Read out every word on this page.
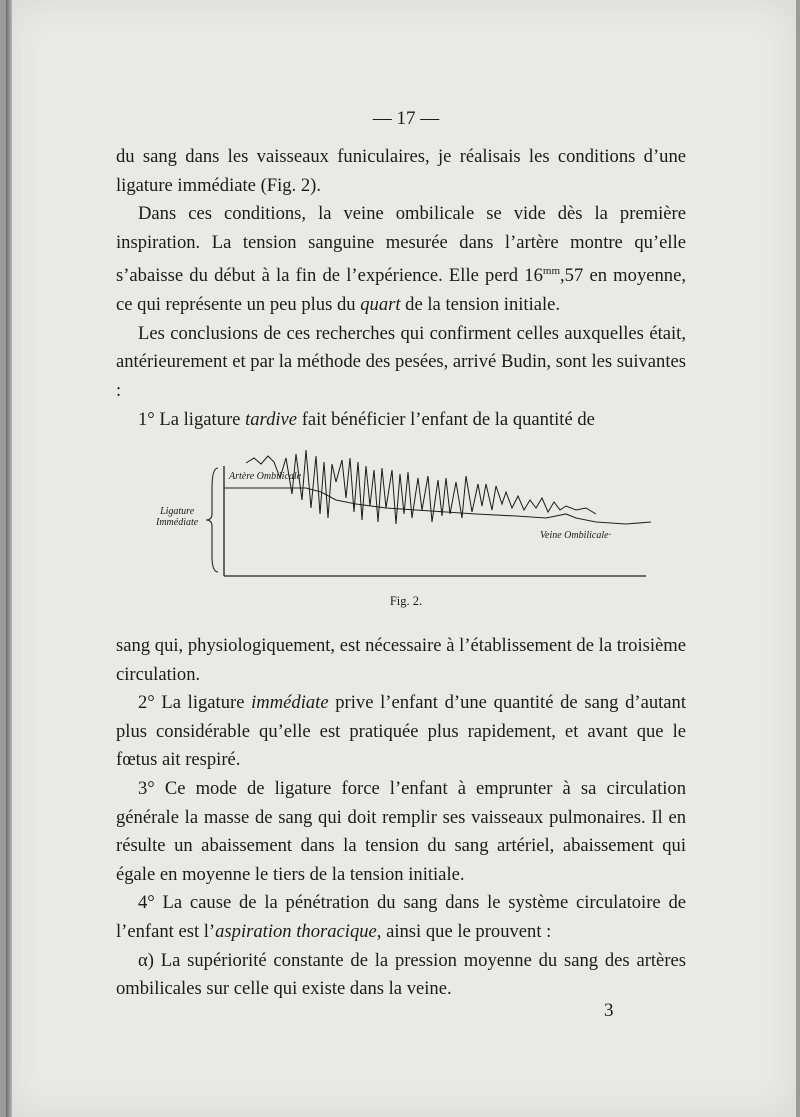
— 17 —

du sang dans les vaisseaux funiculaires, je réalisais les conditions d’une ligature immédiate (Fig. 2).

Dans ces conditions, la veine ombilicale se vide dès la première inspiration. La tension sanguine mesurée dans l’artère montre qu’elle s’abaisse du début à la fin de l’expérience. Elle perd $16^{mm},57$ en moyenne, ce qui représente un peu plus du quart de la tension initiale.

Les conclusions de ces recherches qui confirment celles auxquelles était, antérieurement et par la méthode des pesées, arrivé Budin, sont les suivantes :

1° La ligature tardive fait bénéficier l’enfant de la quantité de

Artère Ombilicale
Ligature
Immédiate
Veine Ombilicale·
Fig. 2.

sang qui, physiologiquement, est nécessaire à l’établissement de la troisième circulation.

2° La ligature immédiate prive l’enfant d’une quantité de sang d’autant plus considérable qu’elle est pratiquée plus rapidement, et avant que le fœtus ait respiré.

3° Ce mode de ligature force l’enfant à emprunter à sa circulation générale la masse de sang qui doit remplir ses vaisseaux pulmonaires. Il en résulte un abaissement dans la tension du sang artériel, abaissement qui égale en moyenne le tiers de la tension initiale.

4° La cause de la pénétration du sang dans le système circulatoire de l’enfant est l’aspiration thoracique, ainsi que le prouvent :

α) La supériorité constante de la pression moyenne du sang des artères ombilicales sur celle qui existe dans la veine.

3
